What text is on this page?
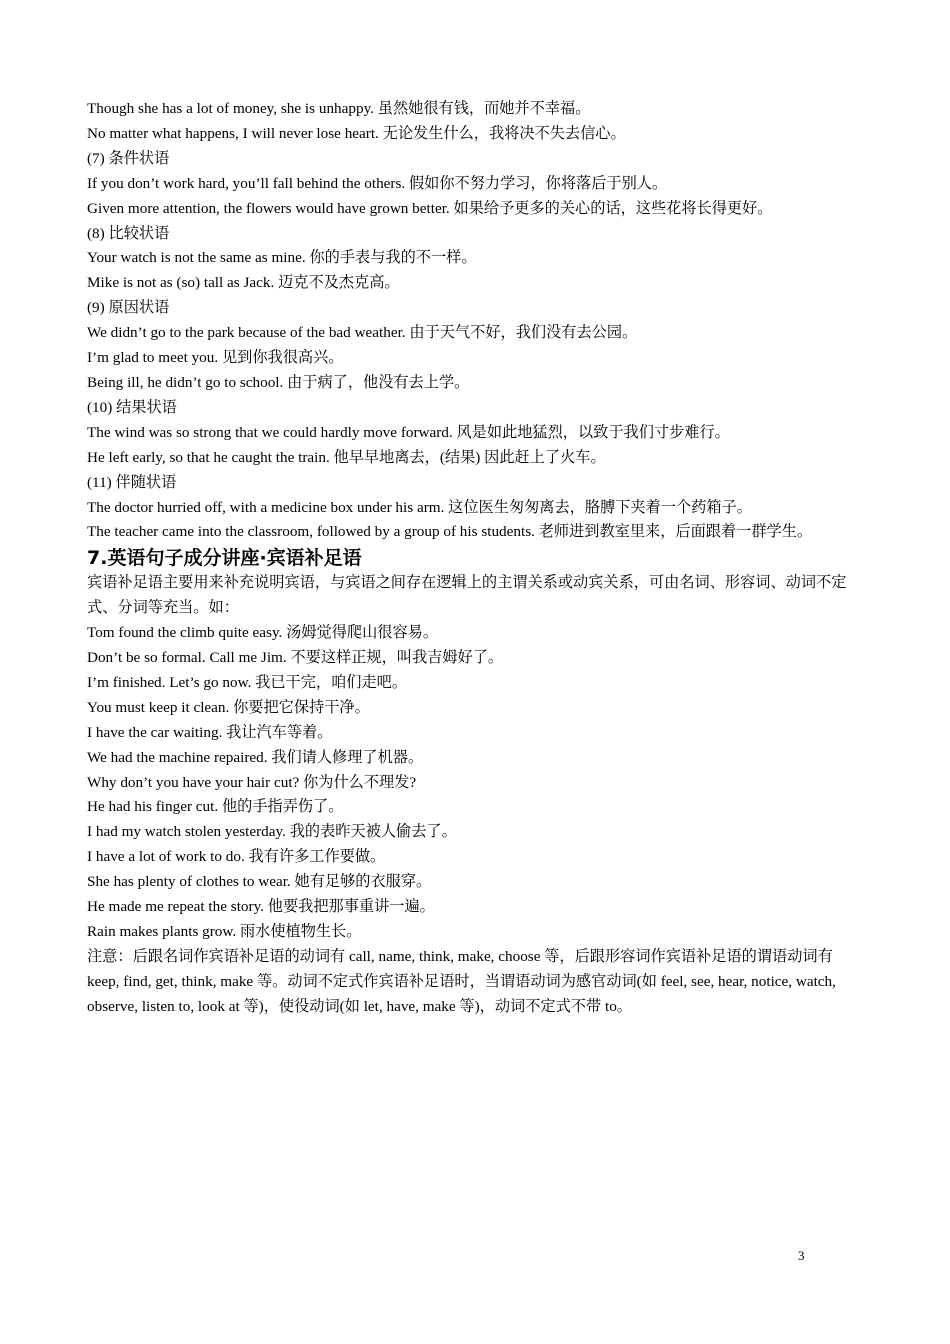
Though she has a lot of money, she is unhappy. 虽然她很有钱，而她并不幸福。
No matter what happens, I will never lose heart. 无论发生什么，我将决不失去信心。
(7) 条件状语
If you don’t work hard, you’ll fall behind the others. 假如你不努力学习，你将落后于别人。
Given more attention, the flowers would have grown better. 如果给予更多的关心的话，这些花将长得更好。
(8) 比较状语
Your watch is not the same as mine. 你的手表与我的不一样。
Mike is not as (so) tall as Jack. 迈克不及杰克高。
(9) 原因状语
We didn’t go to the park because of the bad weather. 由于天气不好，我们没有去公园。
I’m glad to meet you. 见到你我很高兴。
Being ill, he didn’t go to school. 由于病了，他没有去上学。
(10) 结果状语
The wind was so strong that we could hardly move forward. 风是如此地猛烈，以致于我们寸步难行。
He left early, so that he caught the train. 他早早地离去，(结果) 因此赶上了火车。
(11) 伴随状语
The doctor hurried off, with a medicine box under his arm. 这位医生匆匆离去，胳膊下夹着一个药箱子。
The teacher came into the classroom, followed by a group of his students. 老师进到教室里来，后面跟着一群学生。
7.英语句子成分讲座·宾语补足语
宾语补足语主要用来补充说明宾语，与宾语之间存在逻辑上的主谓关系或动宾关系，可由名词、形容词、动词不定式、分词等充当。如：
Tom found the climb quite easy. 汤姆觉得爬山很容易。
Don’t be so formal. Call me Jim. 不要这样正规，叫我吉姆好了。
I’m finished. Let’s go now. 我已干完，咱们走吧。
You must keep it clean. 你要把它保持干净。
I have the car waiting. 我让汽车等着。
We had the machine repaired. 我们请人修理了机器。
Why don’t you have your hair cut? 你为什么不理发?
He had his finger cut. 他的手指弄伤了。
I had my watch stolen yesterday. 我的表昨天被人偷去了。
I have a lot of work to do. 我有许多工作要做。
She has plenty of clothes to wear. 她有足够的衣服穿。
He made me repeat the story. 他要我把那事重讲一遍。
Rain makes plants grow. 雨水使植物生长。
注意：后跟名词作宾语补足语的动词有 call, name, think, make, choose 等，后跟形容词作宾语补足语的谓语动词有 keep, find, get, think, make 等。动词不定式作宾语补足语时，当谓语动词为感官动词(如 feel, see, hear, notice, watch, observe, listen to, look at 等)，使役动词(如 let, have, make 等)，动词不定式不带 to。
3
